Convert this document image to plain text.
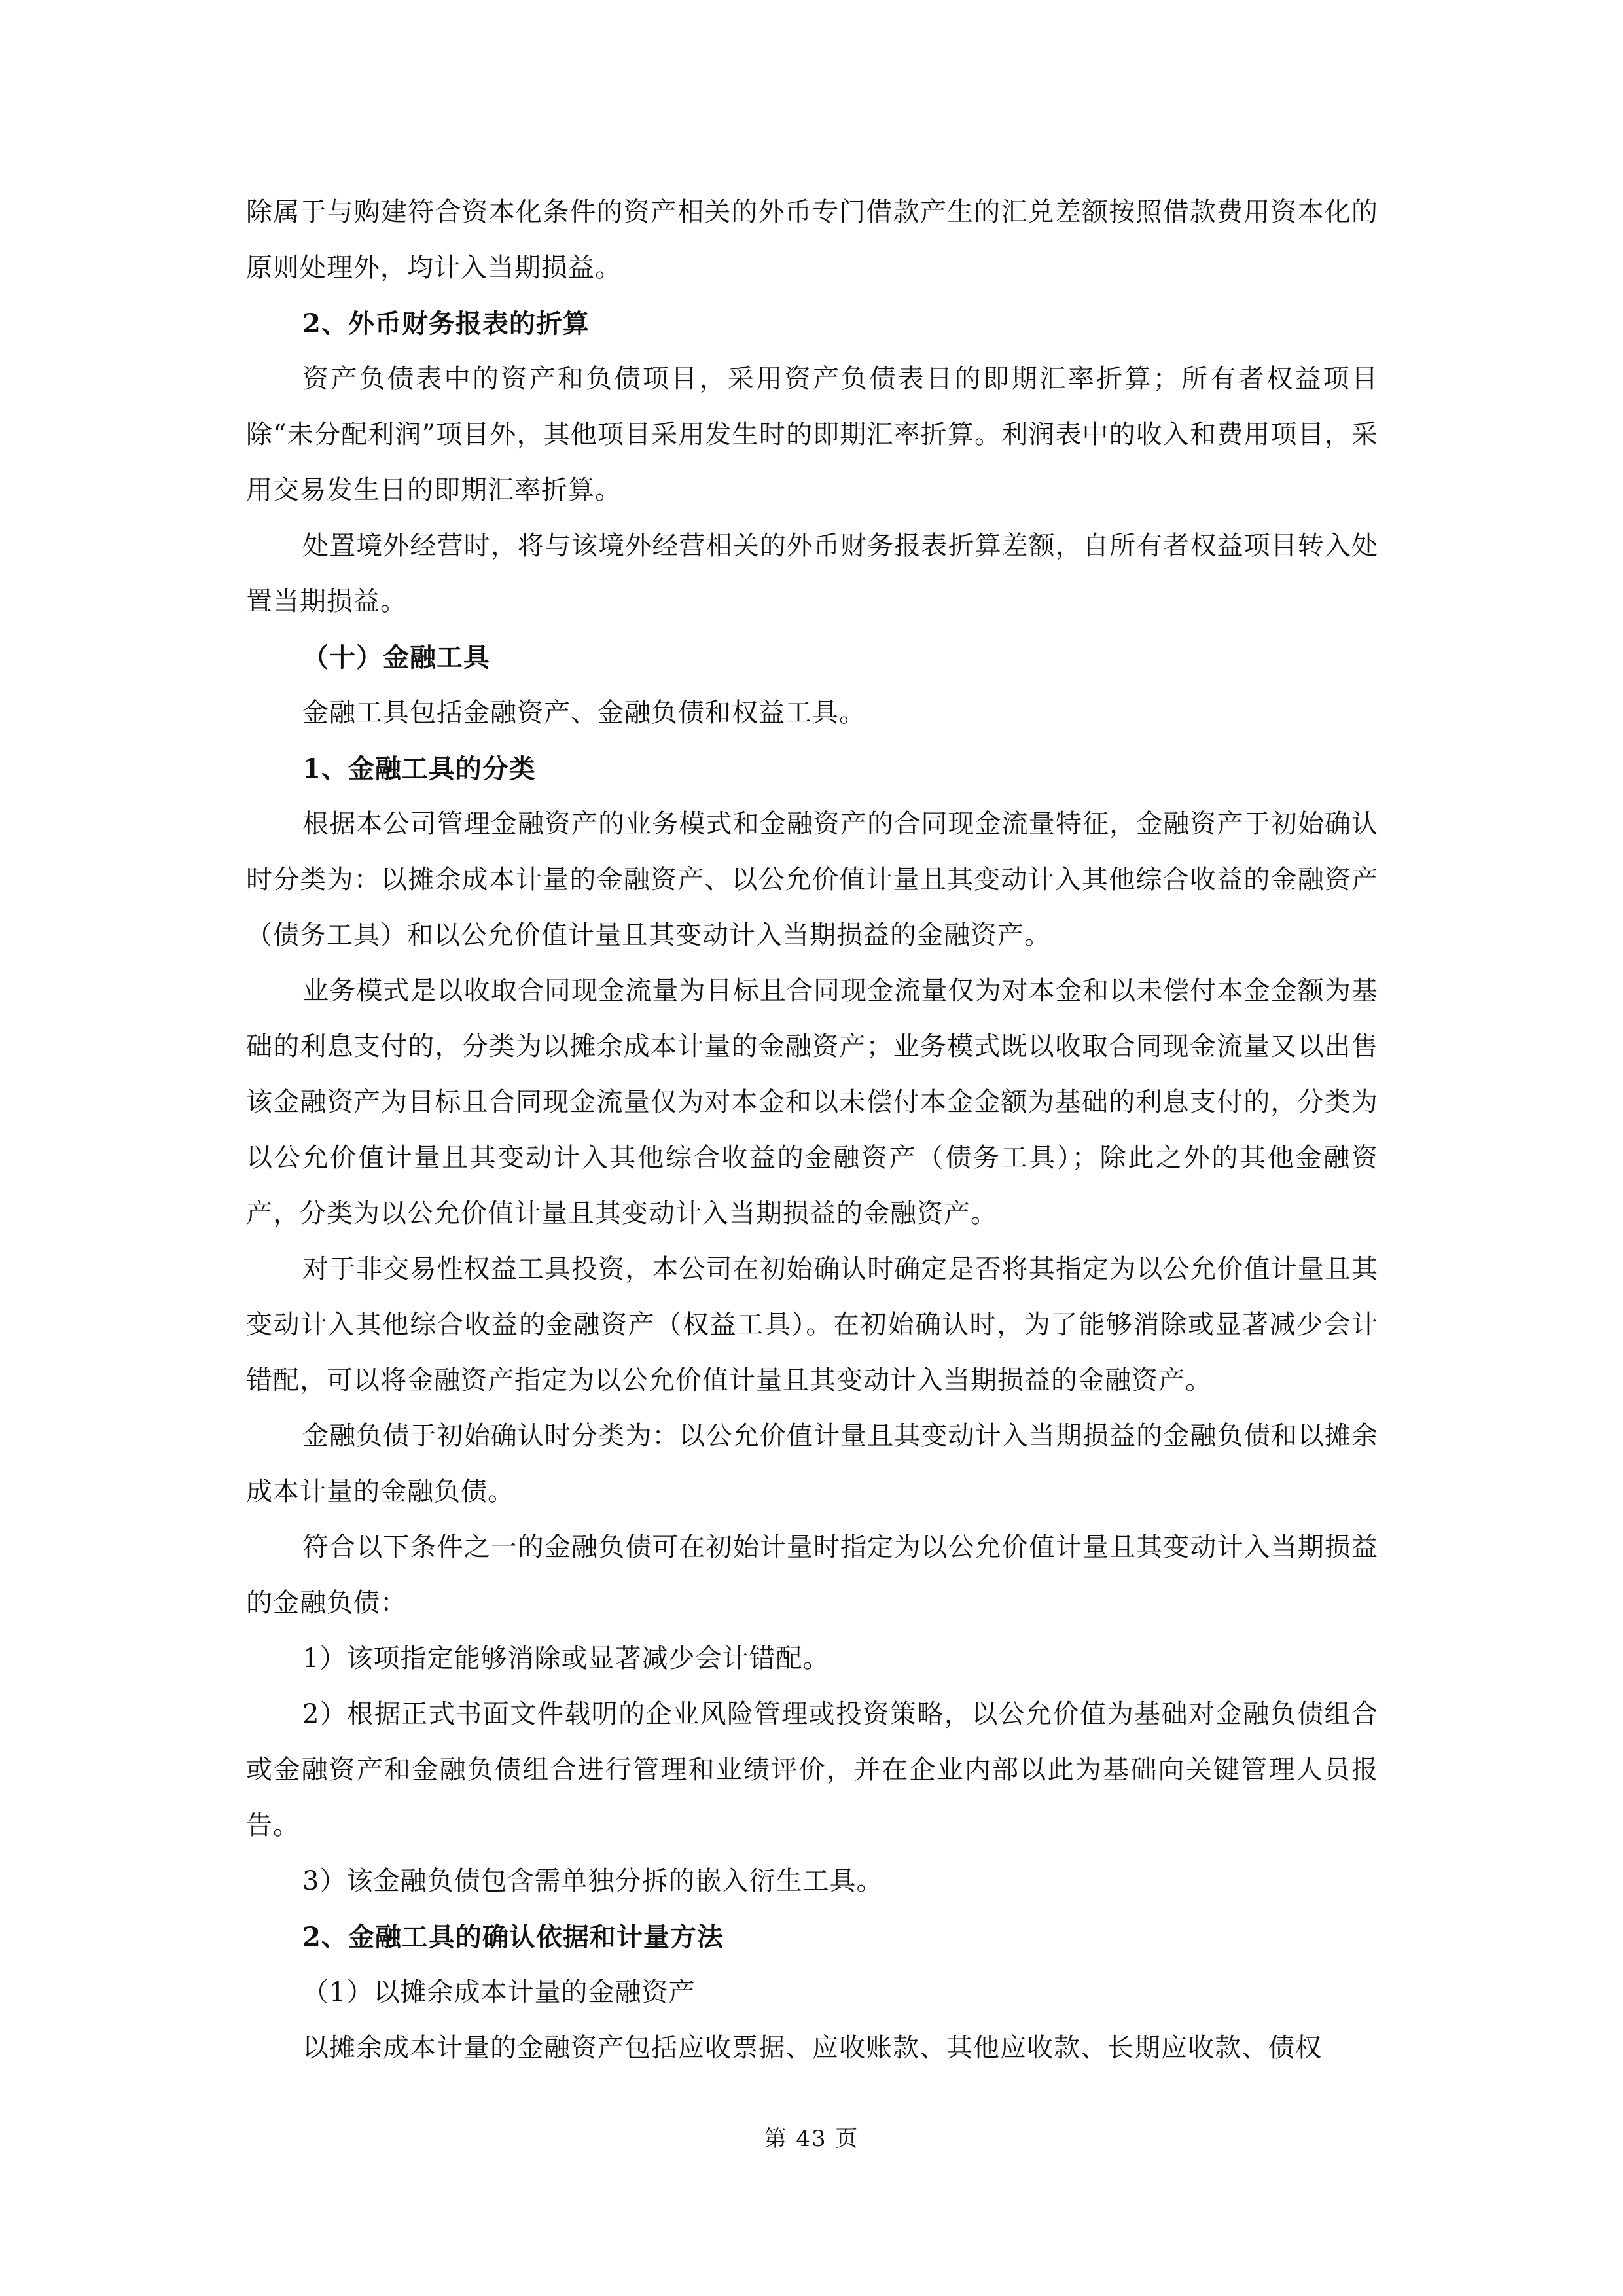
除属于与购建符合资本化条件的资产相关的外币专门借款产生的汇兑差额按照借款费用资本化的原则处理外，均计入当期损益。

2、外币财务报表的折算

资产负债表中的资产和负债项目，采用资产负债表日的即期汇率折算；所有者权益项目除“未分配利润”项目外，其他项目采用发生时的即期汇率折算。利润表中的收入和费用项目，采用交易发生日的即期汇率折算。

处置境外经营时，将与该境外经营相关的外币财务报表折算差额，自所有者权益项目转入处置当期损益。

（十）金融工具

金融工具包括金融资产、金融负债和权益工具。

1、金融工具的分类

根据本公司管理金融资产的业务模式和金融资产的合同现金流量特征，金融资产于初始确认时分类为：以摊余成本计量的金融资产、以公允价值计量且其变动计入其他综合收益的金融资产（债务工具）和以公允价值计量且其变动计入当期损益的金融资产。

业务模式是以收取合同现金流量为目标且合同现金流量仅为对本金和以未偿付本金金额为基础的利息支付的，分类为以摊余成本计量的金融资产；业务模式既以收取合同现金流量又以出售该金融资产为目标且合同现金流量仅为对本金和以未偿付本金金额为基础的利息支付的，分类为以公允价值计量且其变动计入其他综合收益的金融资产（债务工具）；除此之外的其他金融资产，分类为以公允价值计量且其变动计入当期损益的金融资产。

对于非交易性权益工具投资，本公司在初始确认时确定是否将其指定为以公允价值计量且其变动计入其他综合收益的金融资产（权益工具）。在初始确认时，为了能够消除或显著减少会计错配，可以将金融资产指定为以公允价值计量且其变动计入当期损益的金融资产。

金融负债于初始确认时分类为：以公允价值计量且其变动计入当期损益的金融负债和以摊余成本计量的金融负债。

符合以下条件之一的金融负债可在初始计量时指定为以公允价值计量且其变动计入当期损益的金融负债：

1）该项指定能够消除或显著减少会计错配。

2）根据正式书面文件载明的企业风险管理或投资策略，以公允价值为基础对金融负债组合或金融资产和金融负债组合进行管理和业绩评价，并在企业内部以此为基础向关键管理人员报告。

3）该金融负债包含需单独分拆的嵌入衍生工具。

2、金融工具的确认依据和计量方法

（1）以摊余成本计量的金融资产

以摊余成本计量的金融资产包括应收票据、应收账款、其他应收款、长期应收款、债权

第 43 页
